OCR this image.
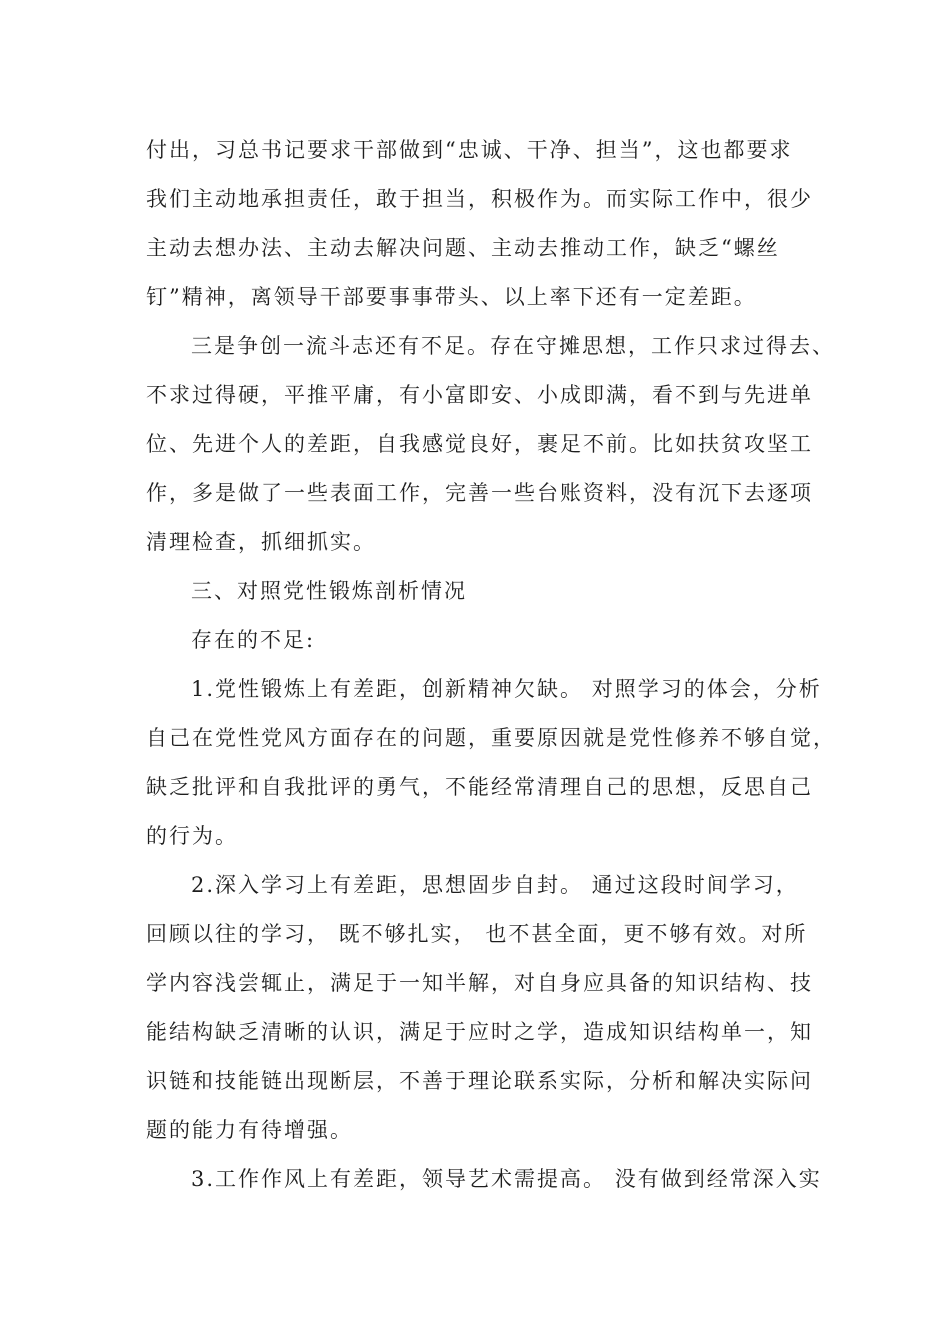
付出，习总书记要求干部做到“忠诚、干净、担当”，这也都要求
我们主动地承担责任，敢于担当，积极作为。而实际工作中，很少
主动去想办法、主动去解决问题、主动去推动工作，缺乏“螺丝
钉”精神，离领导干部要事事带头、以上率下还有一定差距。
三是争创一流斗志还有不足。存在守摊思想，工作只求过得去、
不求过得硬，平推平庸，有小富即安、小成即满，看不到与先进单
位、先进个人的差距，自我感觉良好，裹足不前。比如扶贫攻坚工
作，多是做了一些表面工作，完善一些台账资料，没有沉下去逐项
清理检查，抓细抓实。
三、对照党性锻炼剖析情况
存在的不足:
1.党性锻炼上有差距，创新精神欠缺。 对照学习的体会，分析
自己在党性党风方面存在的问题，重要原因就是党性修养不够自觉，
缺乏批评和自我批评的勇气，不能经常清理自己的思想，反思自己
的行为。
2.深入学习上有差距，思想固步自封。 通过这段时间学习，
回顾以往的学习， 既不够扎实， 也不甚全面，更不够有效。对所
学内容浅尝辄止，满足于一知半解，对自身应具备的知识结构、技
能结构缺乏清晰的认识，满足于应时之学，造成知识结构单一，知
识链和技能链出现断层，不善于理论联系实际，分析和解决实际问
题的能力有待增强。
3.工作作风上有差距，领导艺术需提高。 没有做到经常深入实
